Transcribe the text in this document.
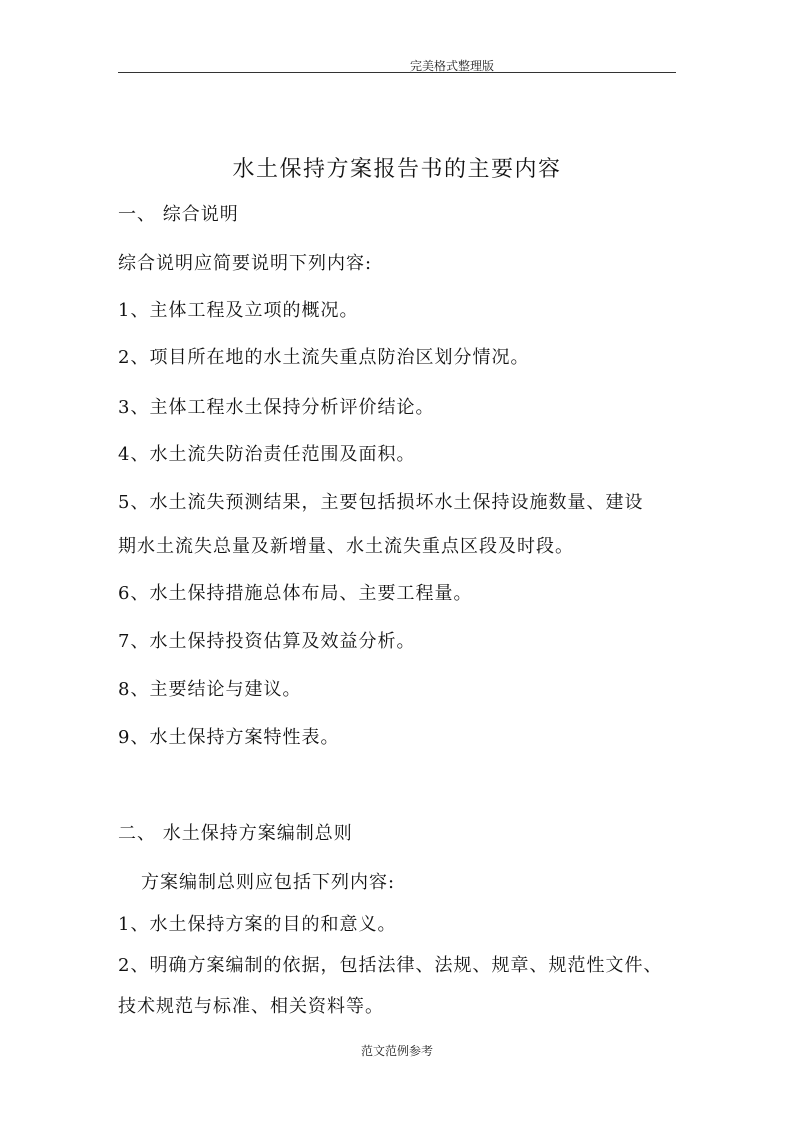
完美格式整理版
水土保持方案报告书的主要内容
一、 综合说明
综合说明应简要说明下列内容:
1、主体工程及立项的概况。
2、项目所在地的水土流失重点防治区划分情况。
3、主体工程水土保持分析评价结论。
4、水土流失防治责任范围及面积。
5、水土流失预测结果，主要包括损坏水土保持设施数量、建设
期水土流失总量及新增量、水土流失重点区段及时段。
6、水土保持措施总体布局、主要工程量。
7、水土保持投资估算及效益分析。
8、主要结论与建议。
9、水土保持方案特性表。
二、 水土保持方案编制总则
方案编制总则应包括下列内容:
1、水土保持方案的目的和意义。
2、明确方案编制的依据，包括法律、法规、规章、规范性文件、
技术规范与标准、相关资料等。
范文范例参考
